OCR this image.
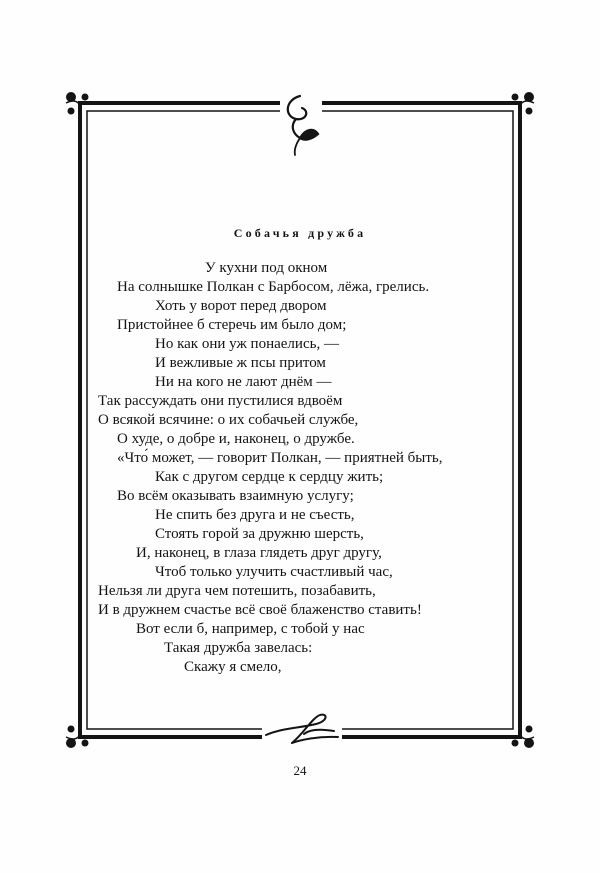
Собачья дружба
У кухни под окном
На солнышке Полкан с Барбосом, лёжа, грелись.
Хоть у ворот перед двором
Пристойнее б стеречь им было дом;
Но как они уж понаелись, —
И вежливые ж псы притом
Ни на кого не лают днём —
Так рассуждать они пустилися вдвоём
О всякой всячине: о их собачьей службе,
О худе, о добре и, наконец, о дружбе.
«Что́ может, — говорит Полкан, — приятней быть,
Как с другом сердце к сердцу жить;
Во всём оказывать взаимную услугу;
Не спить без друга и не съесть,
Стоять горой за дружню шерсть,
И, наконец, в глаза глядеть друг другу,
Чтоб только улучить счастливый час,
Нельзя ли друга чем потешить, позабавить,
И в дружнем счастье всё своё блаженство ставить!
Вот если б, например, с тобой у нас
Такая дружба завелась:
Скажу я смело,
24
